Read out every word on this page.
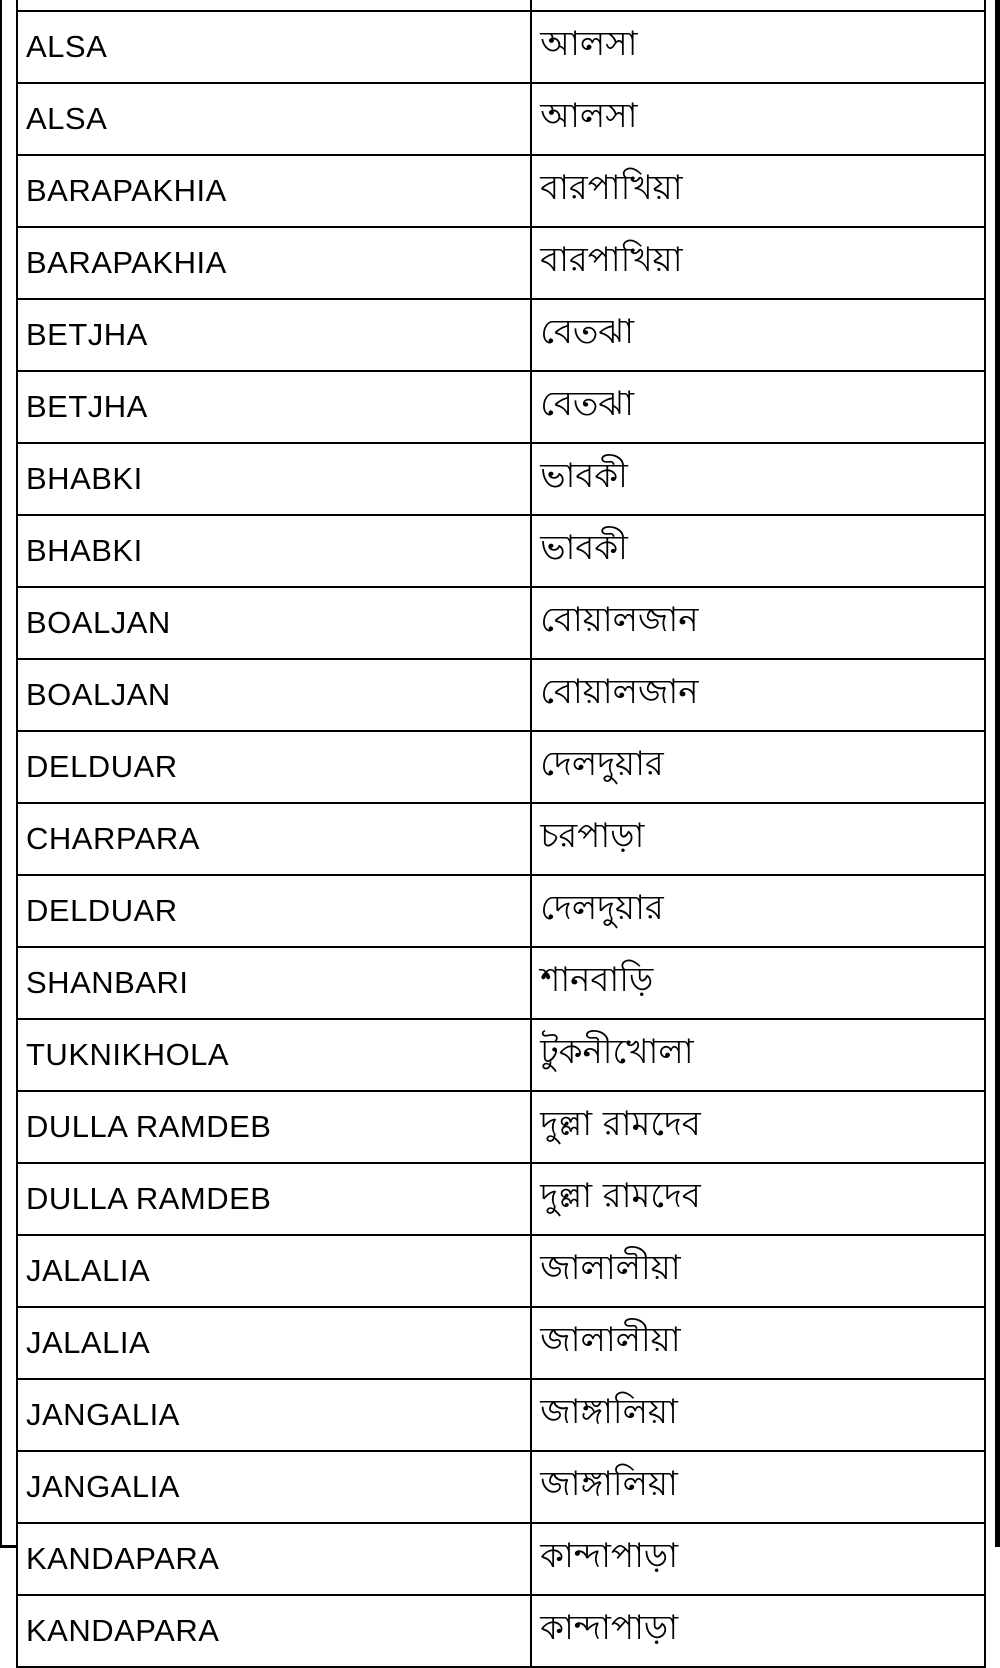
ALSA	আলসা
ALSA	আলসা
BARAPAKHIA	বারপাখিয়া
BARAPAKHIA	বারপাখিয়া
BETJHA	বেতঝা
BETJHA	বেতঝা
BHABKI	ভাবকী
BHABKI	ভাবকী
BOALJAN	বোয়ালজান
BOALJAN	বোয়ালজান
DELDUAR	দেলদুয়ার
CHARPARA	চরপাড়া
DELDUAR	দেলদুয়ার
SHANBARI	শানবাড়ি
TUKNIKHOLA	টুকনীখোলা
DULLA RAMDEB	দুল্লা রামদেব
DULLA RAMDEB	দুল্লা রামদেব
JALALIA	জালালীয়া
JALALIA	জালালীয়া
JANGALIA	জাঙ্গালিয়া
JANGALIA	জাঙ্গালিয়া
KANDAPARA	কান্দাপাড়া
KANDAPARA	কান্দাপাড়া
